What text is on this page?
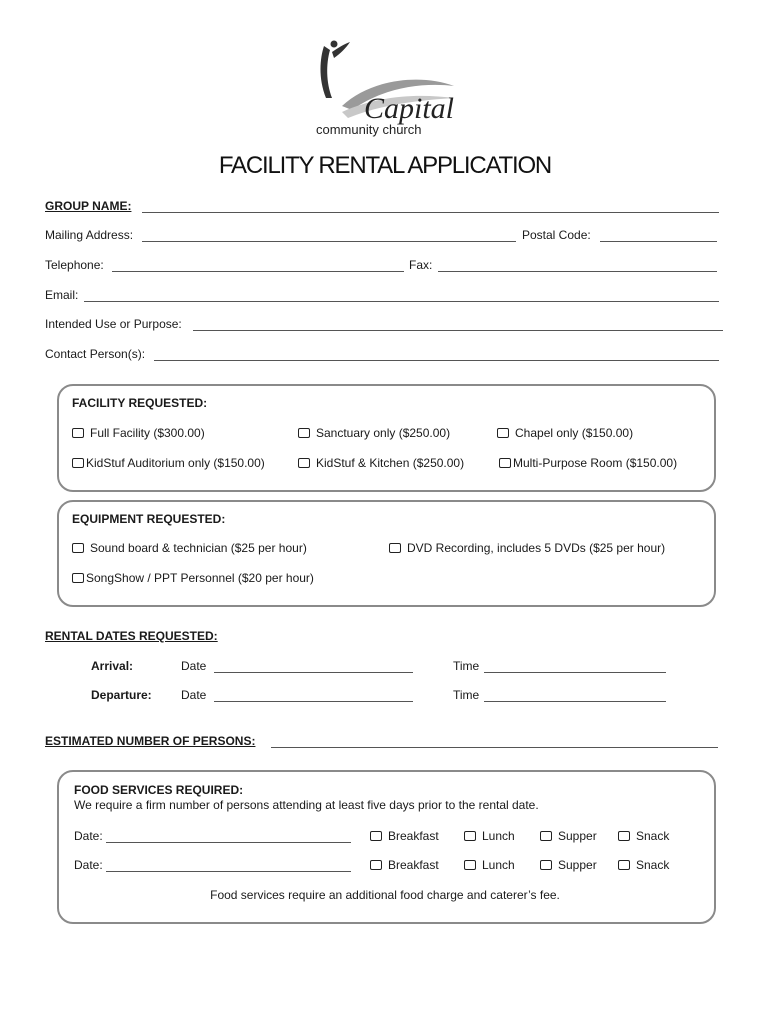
Capital
community church
FACILITY RENTAL APPLICATION
GROUP NAME:
Mailing Address:	Postal Code:
Telephone:	Fax:
Email:
Intended Use or Purpose:
Contact Person(s):
FACILITY REQUESTED:
Full Facility ($300.00)	Sanctuary only ($250.00)	Chapel only ($150.00)
KidStuf Auditorium only ($150.00)	KidStuf & Kitchen ($250.00)	Multi-Purpose Room ($150.00)
EQUIPMENT REQUESTED:
Sound board & technician ($25 per hour)	DVD Recording, includes 5 DVDs ($25 per hour)
SongShow / PPT Personnel ($20 per hour)
RENTAL DATES REQUESTED:
Arrival:	Date	Time
Departure: Date	Time
ESTIMATED NUMBER OF PERSONS:
FOOD SERVICES REQUIRED:
We require a firm number of persons attending at least five days prior to the rental date.
Date:	Breakfast	Lunch	Supper	Snack
Date:	Breakfast	Lunch	Supper	Snack
Food services require an additional food charge and caterer’s fee.
